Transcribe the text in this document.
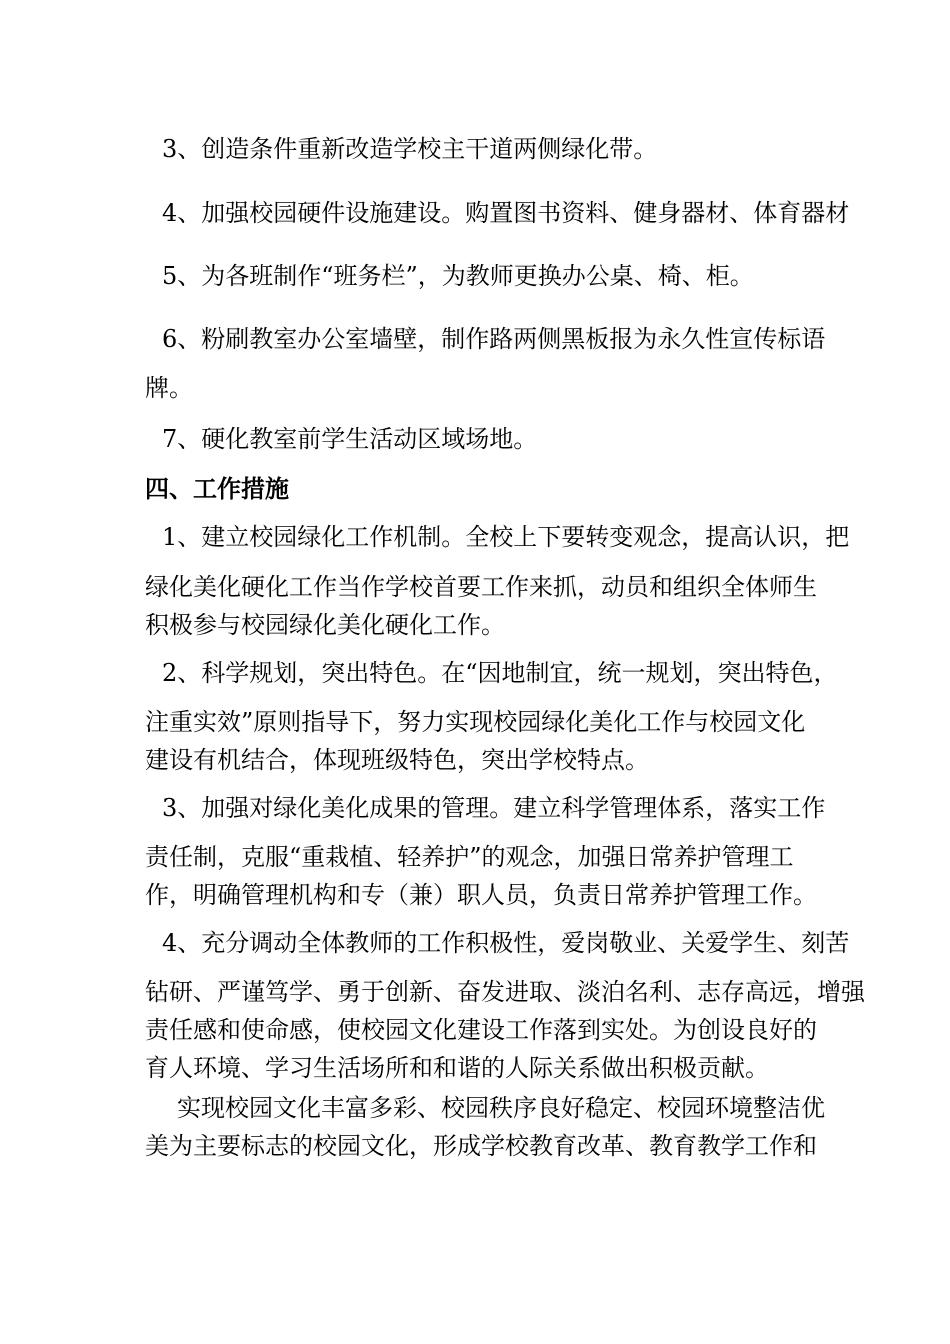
3、创造条件重新改造学校主干道两侧绿化带。
4、加强校园硬件设施建设。购置图书资料、健身器材、体育器材
5、为各班制作“班务栏”，为教师更换办公桌、椅、柜。
6、粉刷教室办公室墙壁，制作路两侧黑板报为永久性宣传标语
牌。
7、硬化教室前学生活动区域场地。
四、工作措施
1、建立校园绿化工作机制。全校上下要转变观念，提高认识，把
绿化美化硬化工作当作学校首要工作来抓，动员和组织全体师生
积极参与校园绿化美化硬化工作。
2、科学规划，突出特色。在“因地制宜，统一规划，突出特色，
注重实效”原则指导下，努力实现校园绿化美化工作与校园文化
建设有机结合，体现班级特色，突出学校特点。
3、加强对绿化美化成果的管理。建立科学管理体系，落实工作
责任制，克服“重栽植、轻养护”的观念，加强日常养护管理工
作，明确管理机构和专（兼）职人员，负责日常养护管理工作。
4、充分调动全体教师的工作积极性，爱岗敬业、关爱学生、刻苦
钻研、严谨笃学、勇于创新、奋发进取、淡泊名利、志存高远，增强
责任感和使命感，使校园文化建设工作落到实处。为创设良好的
育人环境、学习生活场所和和谐的人际关系做出积极贡献。
实现校园文化丰富多彩、校园秩序良好稳定、校园环境整洁优
美为主要标志的校园文化，形成学校教育改革、教育教学工作和
